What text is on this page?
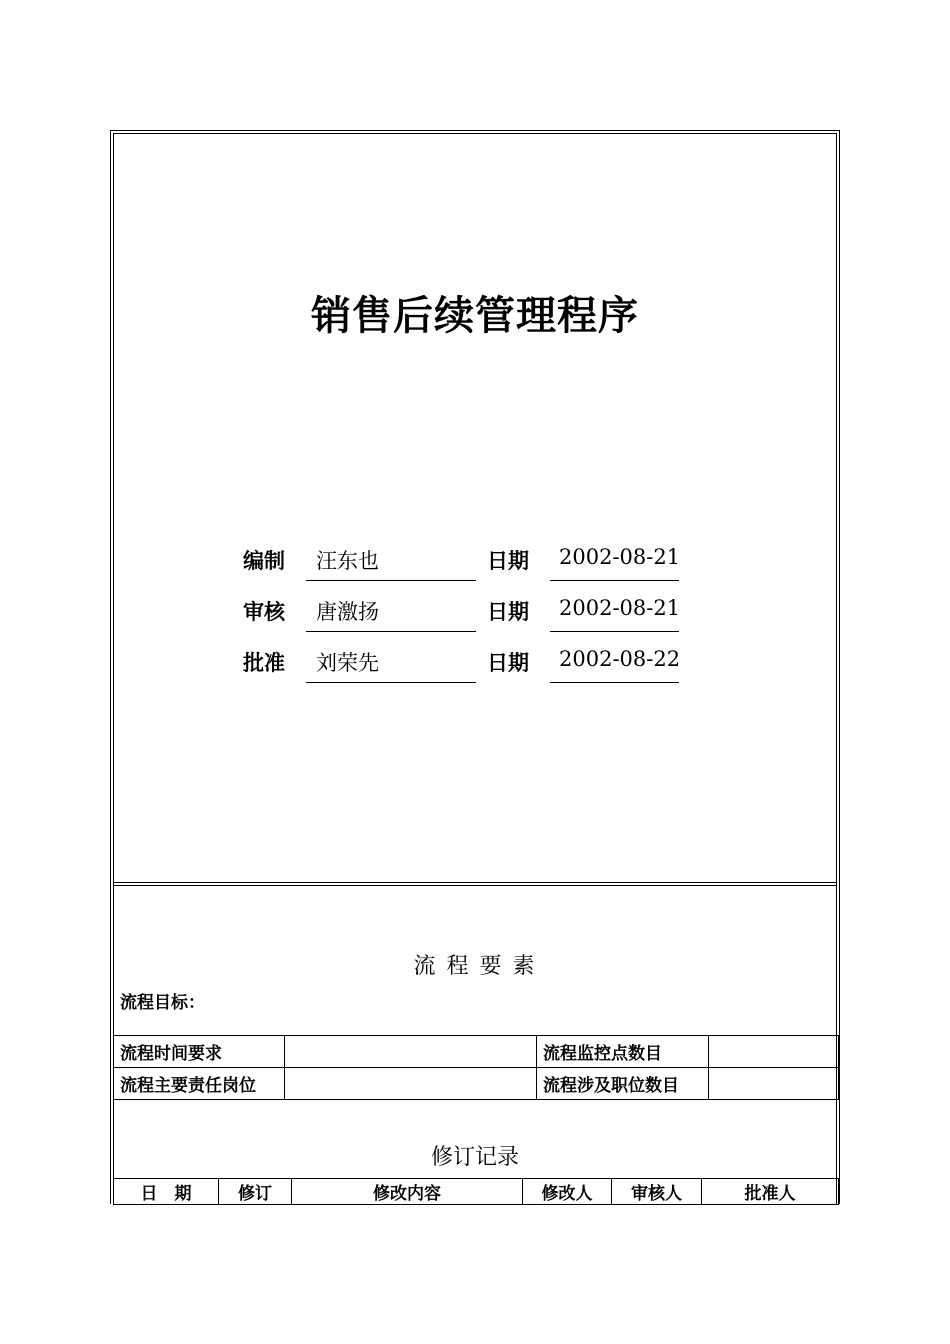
销售后续管理程序
编制 汪东也	日期 2002-08-21
审核 唐激扬	日期 2002-08-21
批准 刘荣先	日期 2002-08-22
流 程 要 素
流程目标：
流程时间要求		流程监控点数目	
流程主要责任岗位		流程涉及职位数目	
修订记录
日　期	修订	修改内容	修改人	审核人	批准人
